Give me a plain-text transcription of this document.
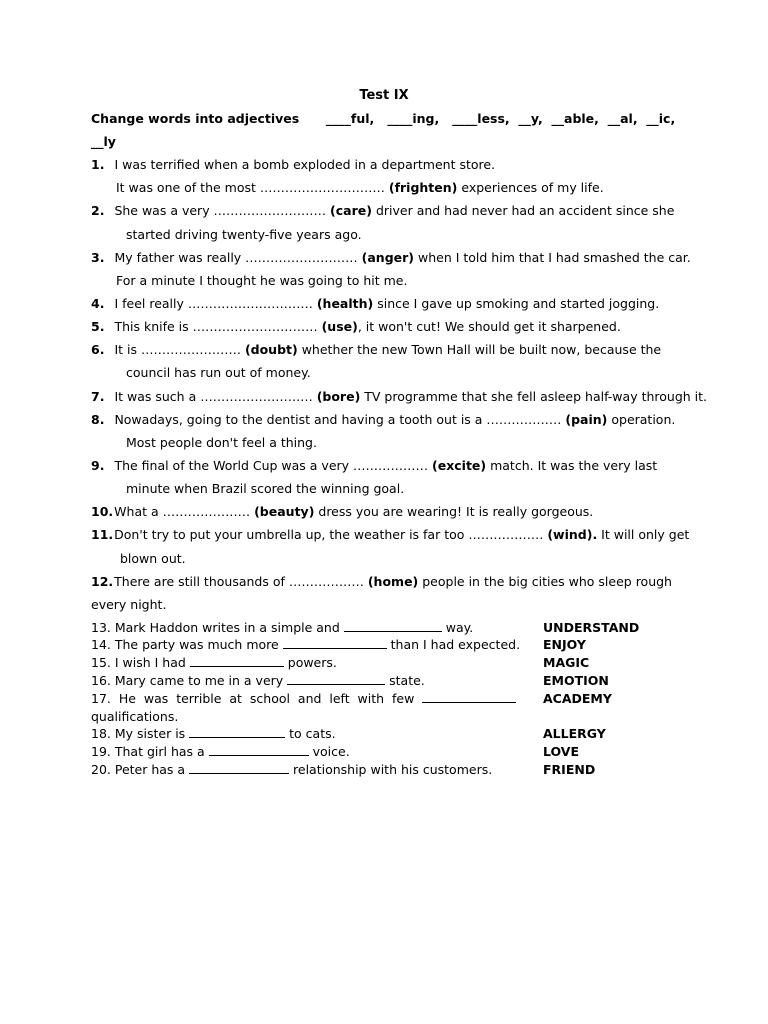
Test IX
Change words into adjectives ____ful,   ____ing,   ____less,  __y,  __able,  __al,  __ic,
__ly
1. I was terrified when a bomb exploded in a department store.
It was one of the most ………………………… (frighten) experiences of my life.
2. She was a very ……………………… (care) driver and had never had an accident since she
started driving twenty-five years ago.
3. My father was really ……………………… (anger) when I told him that I had smashed the car.
For a minute I thought he was going to hit me.
4. I feel really ………………………… (health) since I gave up smoking and started jogging.
5. This knife is ………………………… (use), it won't cut! We should get it sharpened.
6. It is …………………… (doubt) whether the new Town Hall will be built now, because the
council has run out of money.
7. It was such a ……………………… (bore) TV programme that she fell asleep half-way through it.
8. Nowadays, going to the dentist and having a tooth out is a ……………… (pain) operation.
Most people don't feel a thing.
9. The final of the World Cup was a very ……………… (excite) match. It was the very last
minute when Brazil scored the winning goal.
10.What a ………………… (beauty) dress you are wearing! It is really gorgeous.
11.Don't try to put your umbrella up, the weather is far too ……………… (wind). It will only get
blown out.
12.There are still thousands of ……………… (home) people in the big cities who sleep rough
every night.
13. Mark Haddon writes in a simple and	way.	UNDERSTAND
14. The party was much more	than I had expected. ENJOY
15. I wish I had	powers.	MAGIC
16. Mary came to me in a very	state.	EMOTION
17.  He  was  terrible  at  school  and  left  with  few	ACADEMY
qualifications.
18. My sister is	to cats.	ALLERGY
19. That girl has a	voice.	LOVE
20. Peter has a	relationship with his customers.	FRIEND
